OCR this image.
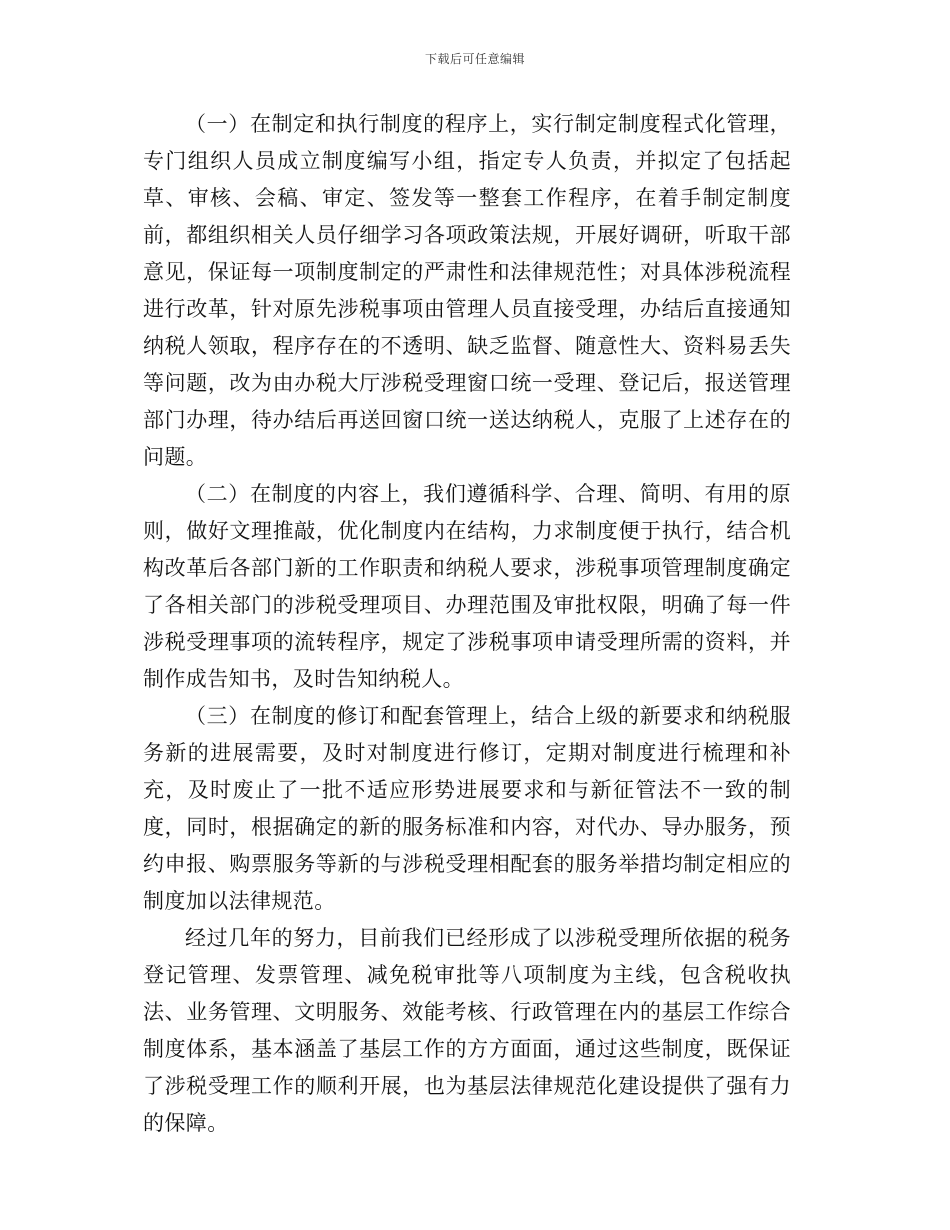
下载后可任意编辑

（一）在制定和执行制度的程序上，实行制定制度程式化管理，专门组织人员成立制度编写小组，指定专人负责，并拟定了包括起草、审核、会稿、审定、签发等一整套工作程序，在着手制定制度前，都组织相关人员仔细学习各项政策法规，开展好调研，听取干部意见，保证每一项制度制定的严肃性和法律规范性；对具体涉税流程进行改革，针对原先涉税事项由管理人员直接受理，办结后直接通知纳税人领取，程序存在的不透明、缺乏监督、随意性大、资料易丢失等问题，改为由办税大厅涉税受理窗口统一受理、登记后，报送管理部门办理，待办结后再送回窗口统一送达纳税人，克服了上述存在的问题。

（二）在制度的内容上，我们遵循科学、合理、简明、有用的原则，做好文理推敲，优化制度内在结构，力求制度便于执行，结合机构改革后各部门新的工作职责和纳税人要求，涉税事项管理制度确定了各相关部门的涉税受理项目、办理范围及审批权限，明确了每一件涉税受理事项的流转程序，规定了涉税事项申请受理所需的资料，并制作成告知书，及时告知纳税人。

（三）在制度的修订和配套管理上，结合上级的新要求和纳税服务新的进展需要，及时对制度进行修订，定期对制度进行梳理和补充，及时废止了一批不适应形势进展要求和与新征管法不一致的制度，同时，根据确定的新的服务标准和内容，对代办、导办服务，预约申报、购票服务等新的与涉税受理相配套的服务举措均制定相应的制度加以法律规范。

经过几年的努力，目前我们已经形成了以涉税受理所依据的税务登记管理、发票管理、减免税审批等八项制度为主线，包含税收执法、业务管理、文明服务、效能考核、行政管理在内的基层工作综合制度体系，基本涵盖了基层工作的方方面面，通过这些制度，既保证了涉税受理工作的顺利开展，也为基层法律规范化建设提供了强有力的保障。
